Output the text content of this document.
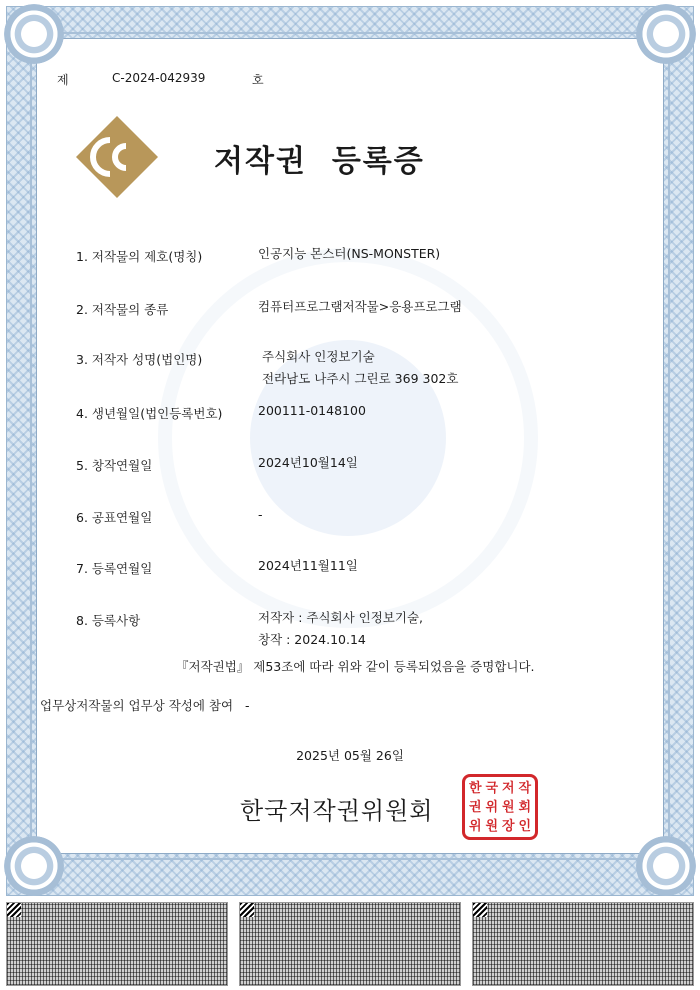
제	C-2024-042939	호
저작권  등록증
1. 저작물의 제호(명칭)	인공지능 몬스터(NS-MONSTER)
2. 저작물의 종류	컴퓨터프로그램저작물>응용프로그램
3. 저작자 성명(법인명)	주식회사 인정보기술
전라남도 나주시 그린로 369 302호
4. 생년월일(법인등록번호)	200111-0148100
5. 창작연월일	2024년10월14일
6. 공표연월일	-
7. 등록연월일	2024년11월11일
8. 등록사항	저작자 : 주식회사 인정보기술,
창작 : 2024.10.14
『저작권법』 제53조에 따라 위와 같이 등록되었음을 증명합니다.
업무상저작물의 업무상 작성에 참여 -
2025년 05월 26일
한국저작권위원회
한 국 저 작
권 위 원 회
위 원 장 인
